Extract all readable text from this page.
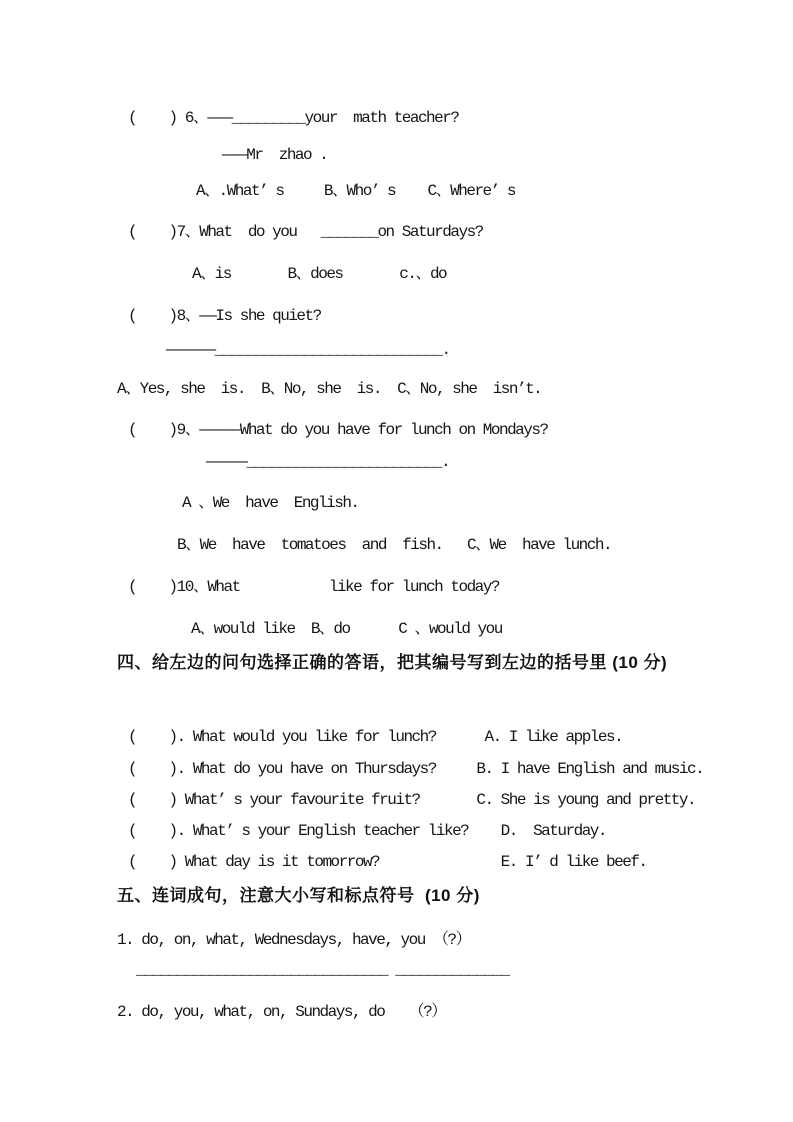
(    ) 6、———_________your  math teacher?
———Mr  zhao .
A、.What’ s     B、Who’ s    C、Where’ s
(    )7、What  do you   _______on Saturdays?
A、is       B、does       c.、do
(    )8、——Is she quiet?
——————____________________________.
A、Yes, she  is.  B、No, she  is.  C、No, she  isn’t.
(    )9、—————What do you have for lunch on Mondays?
—————________________________.
A 、We  have  English.
B、We  have  tomatoes  and  fish.   C、We  have lunch.
(    )10、What           like for lunch today?
A、would like  B、do      C 、would you
四、给左边的问句选择正确的答语，把其编号写到左边的括号里 (10 分)
(    ). What would you like for lunch?      A. I like apples.
(    ). What do you have on Thursdays?     B. I have English and music.
(    ) What’ s your favourite fruit?       C. She is young and pretty.
(    ). What’ s your English teacher like?    D.  Saturday.
(    ) What day is it tomorrow?               E. I’ d like beef.
五、连词成句，注意大小写和标点符号  (10 分)
1. do, on, what, Wednesdays, have, you （?）
_______________________________ ______________
2. do, you, what, on, Sundays, do   （?）
